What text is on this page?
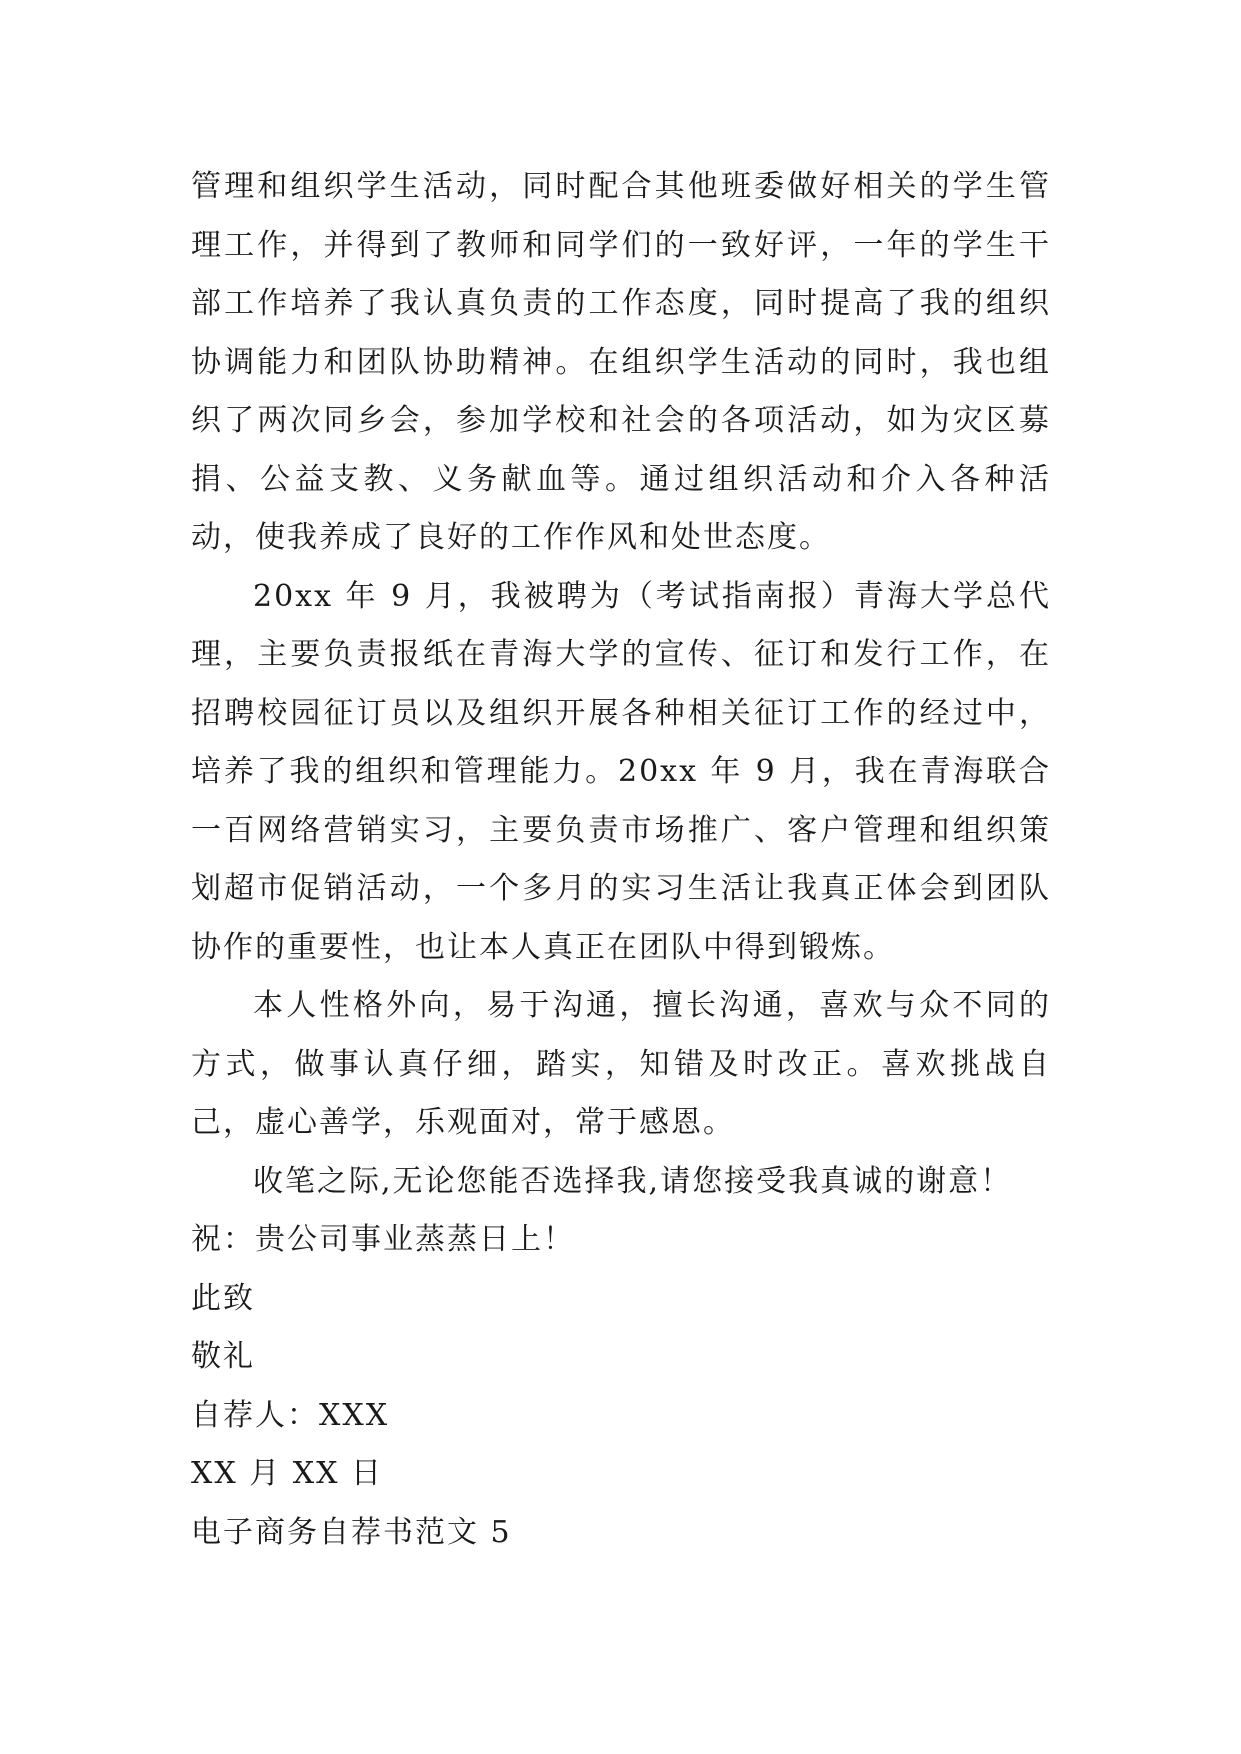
管理和组织学生活动，同时配合其他班委做好相关的学生管理工作，并得到了教师和同学们的一致好评，一年的学生干部工作培养了我认真负责的工作态度，同时提高了我的组织协调能力和团队协助精神。在组织学生活动的同时，我也组织了两次同乡会，参加学校和社会的各项活动，如为灾区募捐、公益支教、义务献血等。通过组织活动和介入各种活动，使我养成了良好的工作作风和处世态度。

20xx 年 9 月，我被聘为（考试指南报）青海大学总代理，主要负责报纸在青海大学的宣传、征订和发行工作，在招聘校园征订员以及组织开展各种相关征订工作的经过中，培养了我的组织和管理能力。20xx 年 9 月，我在青海联合一百网络营销实习，主要负责市场推广、客户管理和组织策划超市促销活动，一个多月的实习生活让我真正体会到团队协作的重要性，也让本人真正在团队中得到锻炼。

本人性格外向，易于沟通，擅长沟通，喜欢与众不同的方式，做事认真仔细，踏实，知错及时改正。喜欢挑战自己，虚心善学，乐观面对，常于感恩。

收笔之际,无论您能否选择我,请您接受我真诚的谢意！

祝：贵公司事业蒸蒸日上！

此致

敬礼

自荐人：XXX

XX 月 XX 日

电子商务自荐书范文 5
